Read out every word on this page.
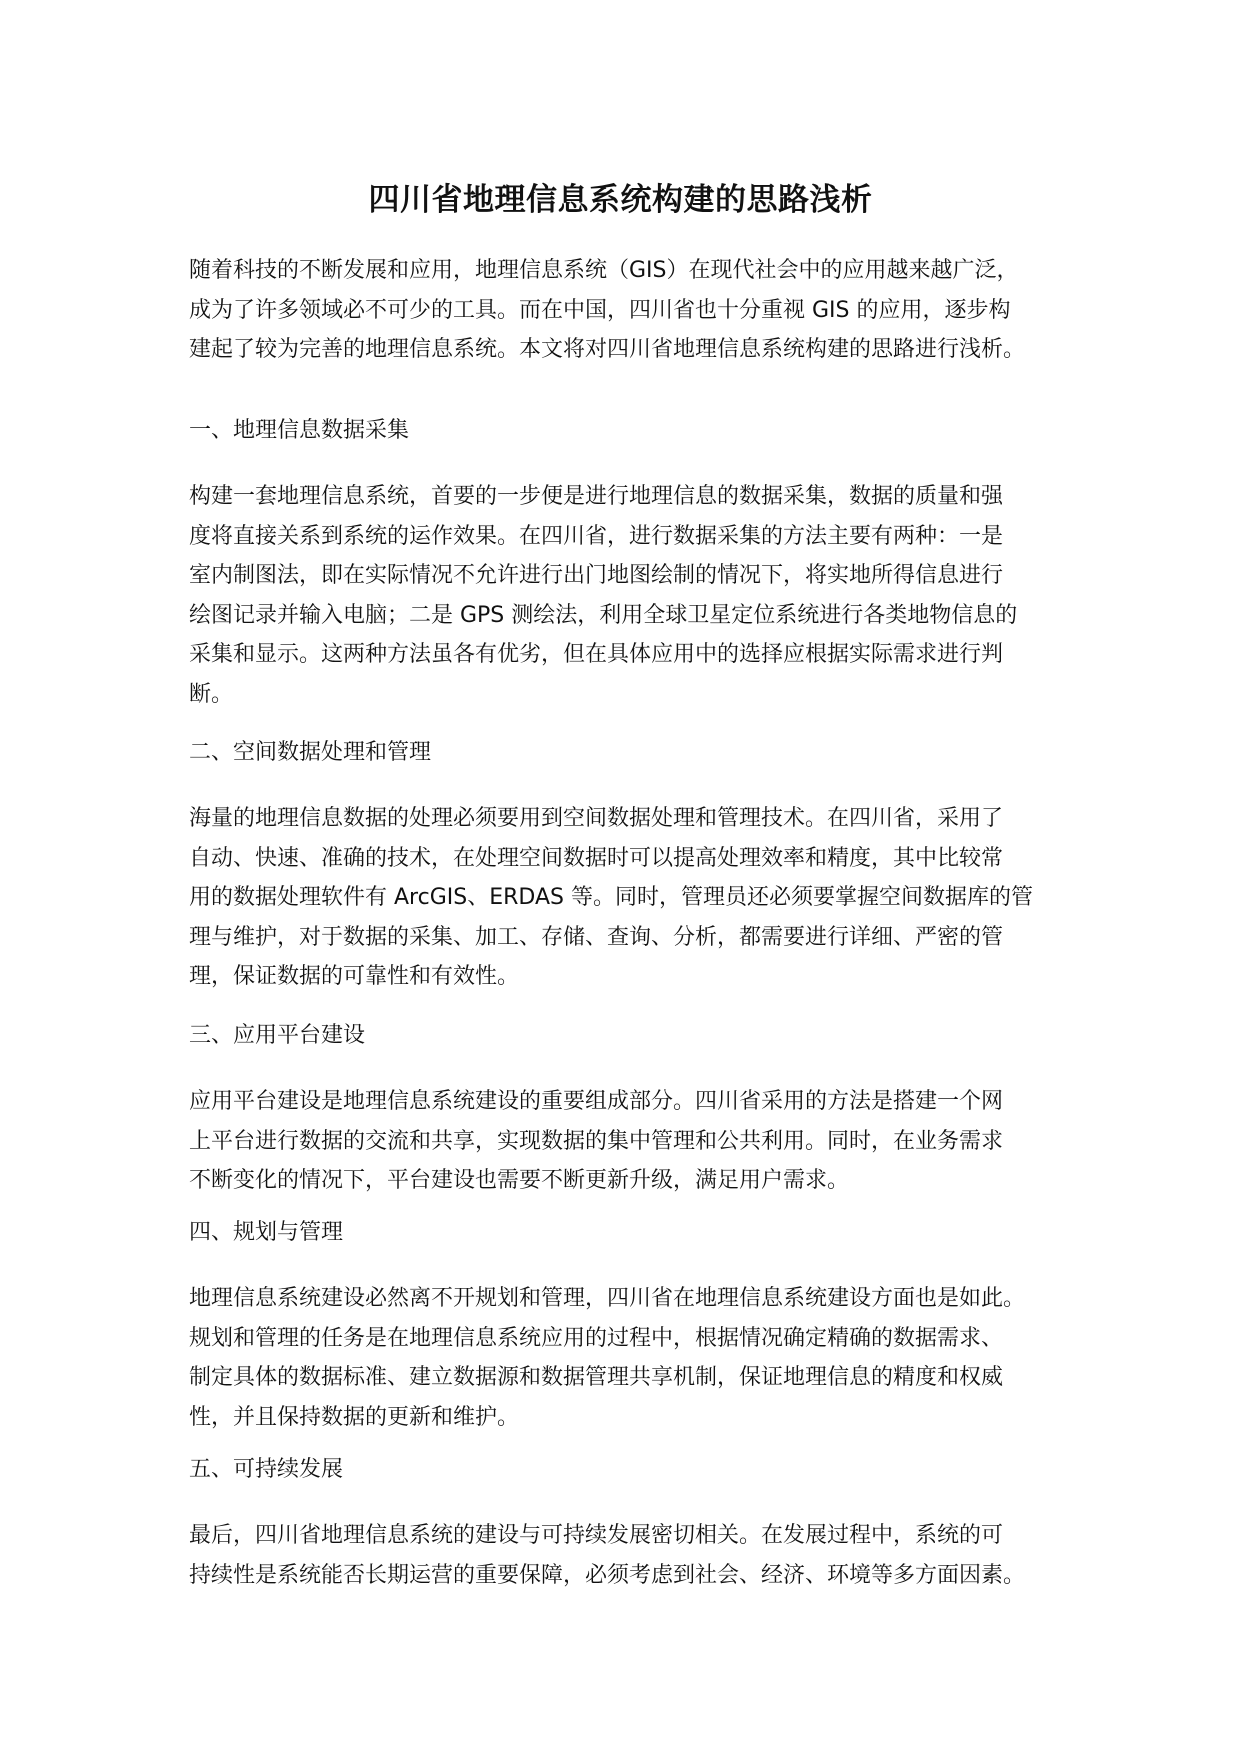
四川省地理信息系统构建的思路浅析
随着科技的不断发展和应用，地理信息系统（GIS）在现代社会中的应用越来越广泛，
成为了许多领域必不可少的工具。而在中国，四川省也十分重视 GIS 的应用，逐步构
建起了较为完善的地理信息系统。本文将对四川省地理信息系统构建的思路进行浅析。
一、地理信息数据采集
构建一套地理信息系统，首要的一步便是进行地理信息的数据采集，数据的质量和强
度将直接关系到系统的运作效果。在四川省，进行数据采集的方法主要有两种：一是
室内制图法，即在实际情况不允许进行出门地图绘制的情况下，将实地所得信息进行
绘图记录并输入电脑；二是 GPS 测绘法，利用全球卫星定位系统进行各类地物信息的
采集和显示。这两种方法虽各有优劣，但在具体应用中的选择应根据实际需求进行判
断。
二、空间数据处理和管理
海量的地理信息数据的处理必须要用到空间数据处理和管理技术。在四川省，采用了
自动、快速、准确的技术，在处理空间数据时可以提高处理效率和精度，其中比较常
用的数据处理软件有 ArcGIS、ERDAS 等。同时，管理员还必须要掌握空间数据库的管
理与维护，对于数据的采集、加工、存储、查询、分析，都需要进行详细、严密的管
理，保证数据的可靠性和有效性。
三、应用平台建设
应用平台建设是地理信息系统建设的重要组成部分。四川省采用的方法是搭建一个网
上平台进行数据的交流和共享，实现数据的集中管理和公共利用。同时，在业务需求
不断变化的情况下，平台建设也需要不断更新升级，满足用户需求。
四、规划与管理
地理信息系统建设必然离不开规划和管理，四川省在地理信息系统建设方面也是如此。
规划和管理的任务是在地理信息系统应用的过程中，根据情况确定精确的数据需求、
制定具体的数据标准、建立数据源和数据管理共享机制，保证地理信息的精度和权威
性，并且保持数据的更新和维护。
五、可持续发展
最后，四川省地理信息系统的建设与可持续发展密切相关。在发展过程中，系统的可
持续性是系统能否长期运营的重要保障，必须考虑到社会、经济、环境等多方面因素。
